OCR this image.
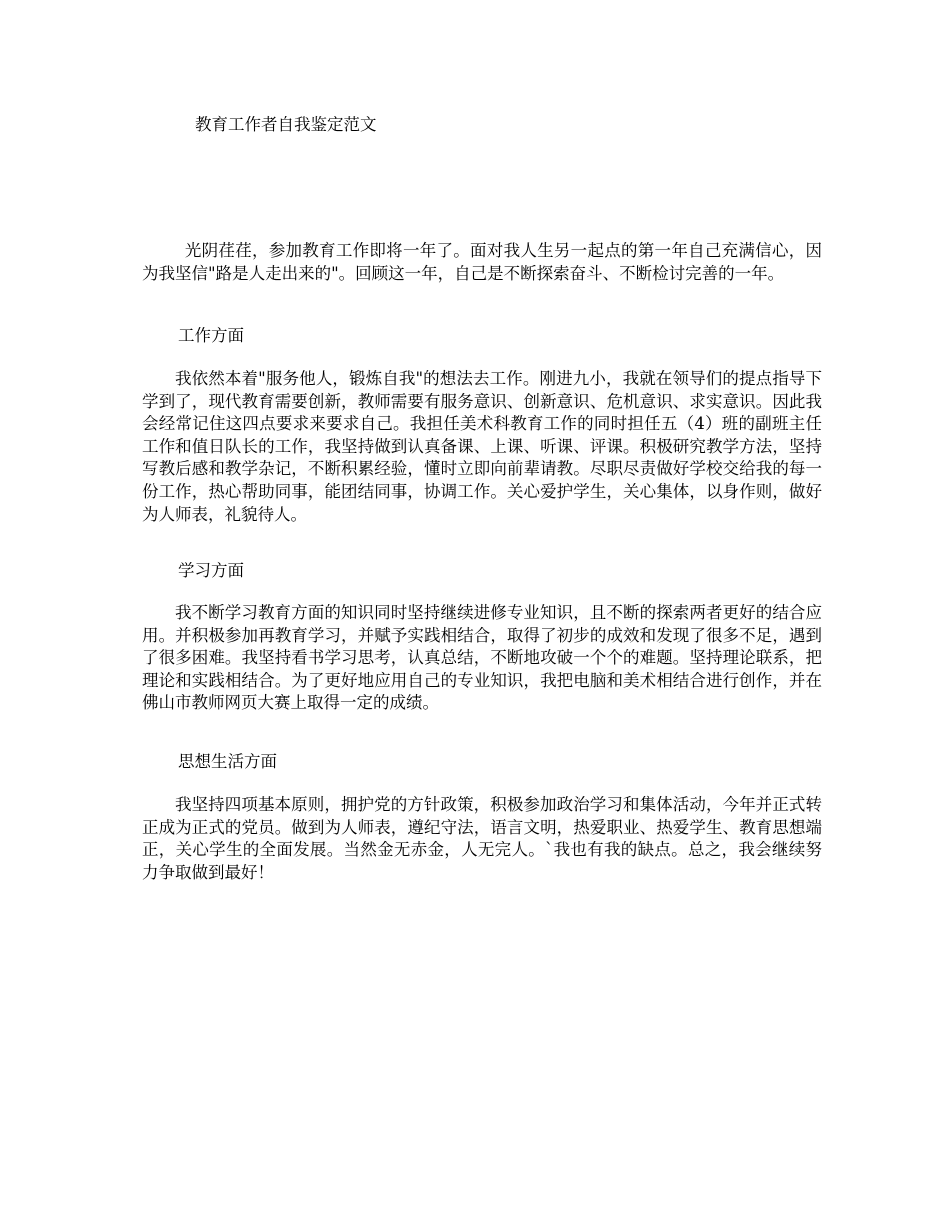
教育工作者自我鉴定范文

光阴荏荏，参加教育工作即将一年了。面对我人生另一起点的第一年自己充满信心，因为我坚信"路是人走出来的"。回顾这一年，自己是不断探索奋斗、不断检讨完善的一年。

工作方面

我依然本着"服务他人，锻炼自我"的想法去工作。刚进九小，我就在领导们的提点指导下学到了，现代教育需要创新，教师需要有服务意识、创新意识、危机意识、求实意识。因此我会经常记住这四点要求来要求自己。我担任美术科教育工作的同时担任五（4）班的副班主任工作和值日队长的工作，我坚持做到认真备课、上课、听课、评课。积极研究教学方法，坚持写教后感和教学杂记，不断积累经验，懂时立即向前辈请教。尽职尽责做好学校交给我的每一份工作，热心帮助同事，能团结同事，协调工作。关心爱护学生，关心集体，以身作则，做好为人师表，礼貌待人。

学习方面

我不断学习教育方面的知识同时坚持继续进修专业知识，且不断的探索两者更好的结合应用。并积极参加再教育学习，并赋予实践相结合，取得了初步的成效和发现了很多不足，遇到了很多困难。我坚持看书学习思考，认真总结，不断地攻破一个个的难题。坚持理论联系，把理论和实践相结合。为了更好地应用自己的专业知识，我把电脑和美术相结合进行创作，并在佛山市教师网页大赛上取得一定的成绩。

思想生活方面

我坚持四项基本原则，拥护党的方针政策，积极参加政治学习和集体活动，今年并正式转正成为正式的党员。做到为人师表，遵纪守法，语言文明，热爱职业、热爱学生、教育思想端正，关心学生的全面发展。当然金无赤金，人无完人。`我也有我的缺点。总之，我会继续努力争取做到最好！
